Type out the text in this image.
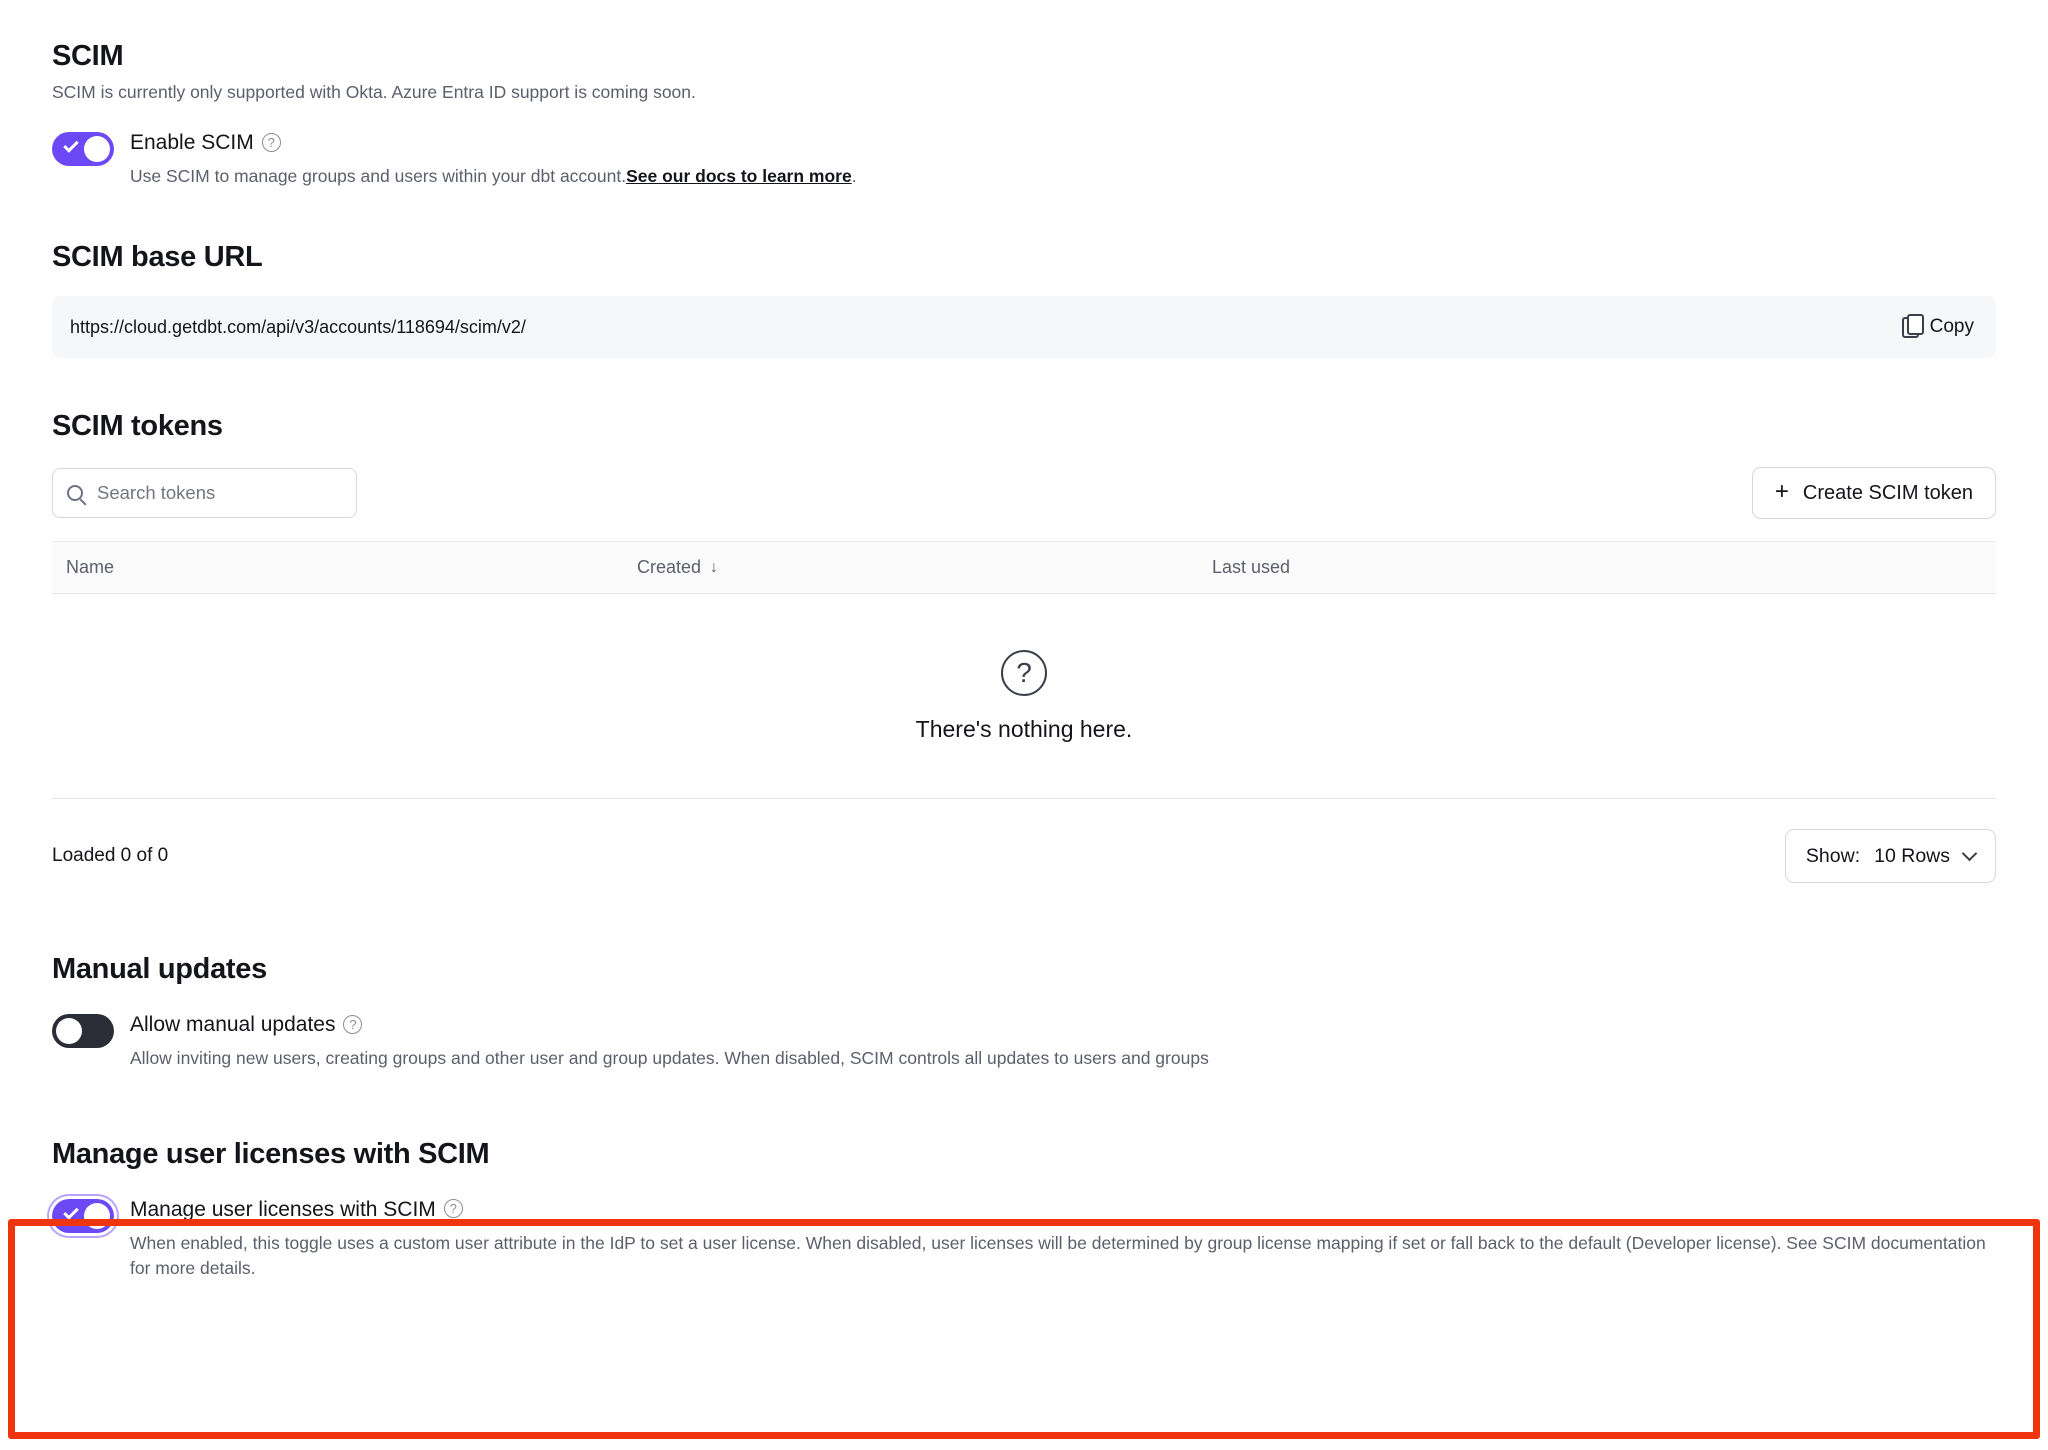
SCIM

SCIM is currently only supported with Okta. Azure Entra ID support is coming soon.

Enable SCIM ?
Use SCIM to manage groups and users within your dbt account.See our docs to learn more.
SCIM base URL
https://cloud.getdbt.com/api/v3/accounts/118694/scim/v2/	Copy
SCIM tokens
Search tokens
+ Create SCIM token
Name	Created ↓	Last used
?
There's nothing here.
Loaded 0 of 0	Show: 10 Rows
Manual updates
Allow manual updates ?
Allow inviting new users, creating groups and other user and group updates. When disabled, SCIM controls all updates to users and groups
Manage user licenses with SCIM
Manage user licenses with SCIM ?
When enabled, this toggle uses a custom user attribute in the IdP to set a user license. When disabled, user licenses will be determined by group license mapping if set or fall back to the default (Developer license). See SCIM documentation for more details.
